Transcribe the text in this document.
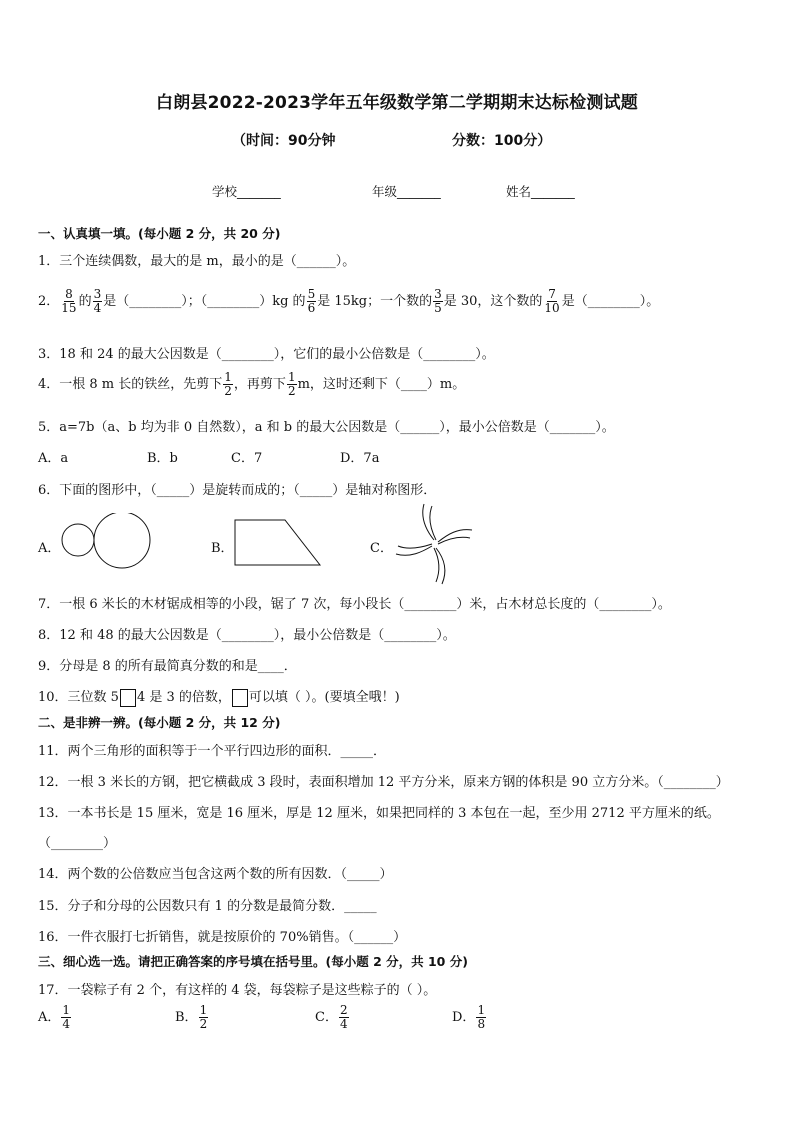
白朗县2022-2023学年五年级数学第二学期期末达标检测试题
（时间：90分钟	分数：100分）
学校_______	年级_______	姓名_______
一、认真填一填。(每小题 2 分，共 20 分)
1．三个连续偶数，最大的是 m，最小的是（______）。
2． $\frac{8}{15}$ 的 $\frac{3}{4}$ 是（________）；（________）kg 的 $\frac{5}{6}$ 是 15kg；一个数的 $\frac{3}{5}$ 是 30，这个数的 $\frac{7}{10}$ 是（________）。
3．18 和 24 的最大公因数是（________），它们的最小公倍数是（________）。
4．一根 8 m 长的铁丝，先剪下 $\frac{1}{2}$ ，再剪下 $\frac{1}{2}$ m，这时还剩下（____）m。
5．a=7b（a、b 均为非 0 自然数），a 和 b 的最大公因数是（______），最小公倍数是（_______）。
A．a	B．b	C．7	D．7a
6．下面的图形中，（_____）是旋转而成的；（_____）是轴对称图形．
A．	B．	C．
7．一根 6 米长的木材锯成相等的小段，锯了 7 次，每小段长（________）米，占木材总长度的（________）。
8．12 和 48 的最大公因数是（________），最小公倍数是（________）。
9．分母是 8 的所有最简真分数的和是____．
10．三位数 5 4 是 3 的倍数， 可以填（ ）。(要填全哦！)
二、是非辨一辨。(每小题 2 分，共 12 分)
11．两个三角形的面积等于一个平行四边形的面积．_____．
12．一根 3 米长的方钢，把它横截成 3 段时，表面积增加 12 平方分米，原来方钢的体积是 90 立方分米。（________）
13．一本书长是 15 厘米，宽是 16 厘米，厚是 12 厘米，如果把同样的 3 本包在一起，至少用 2712 平方厘米的纸。
（________）
14．两个数的公倍数应当包含这两个数的所有因数．（_____）
15．分子和分母的公因数只有 1 的分数是最简分数．_____
16．一件衣服打七折销售，就是按原价的 70%销售。（______）
三、细心选一选。请把正确答案的序号填在括号里。(每小题 2 分，共 10 分)
17．一袋粽子有 2 个，有这样的 4 袋，每袋粽子是这些粽子的（ ）。
A． $\frac{1}{4}$	B． $\frac{1}{2}$	C． $\frac{2}{4}$	D． $\frac{1}{8}$
